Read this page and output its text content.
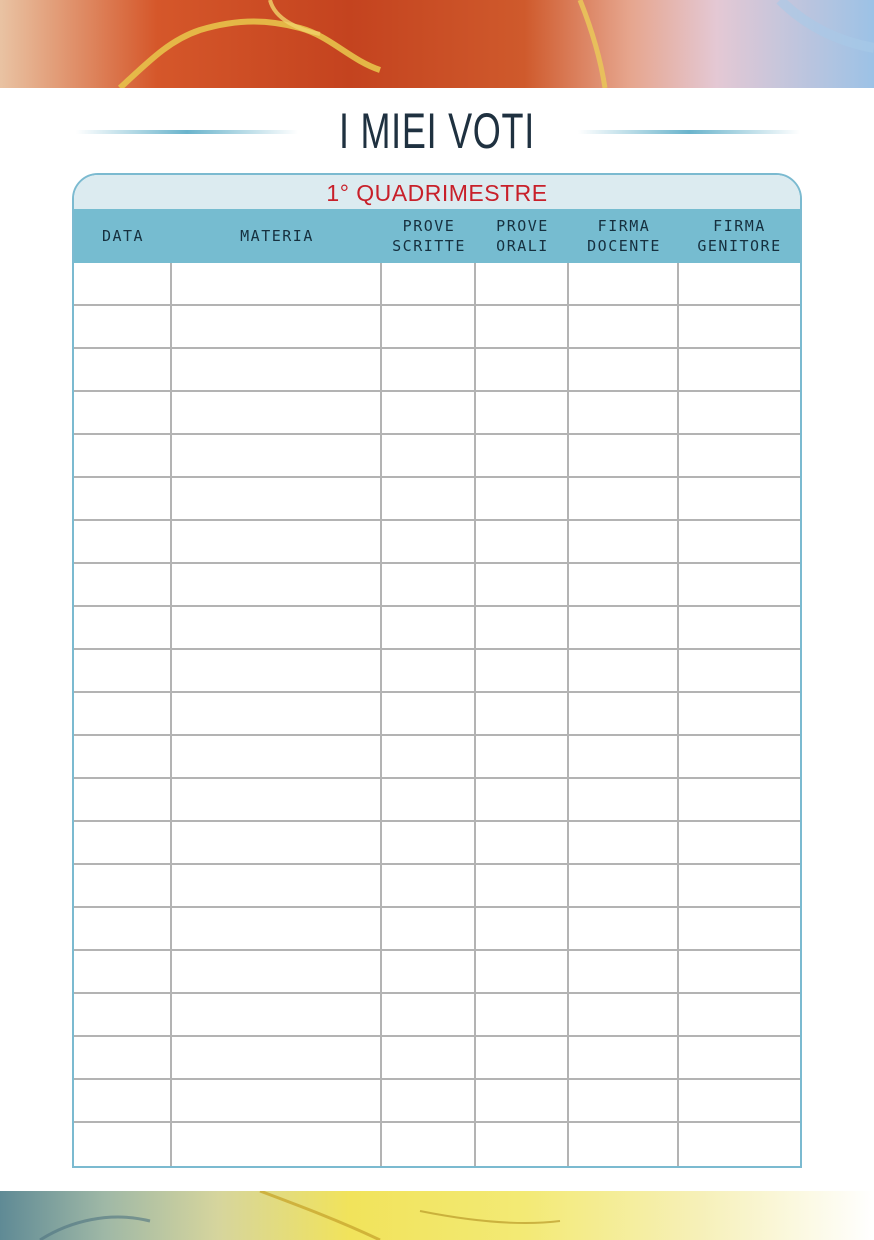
I MIEI VOTI
1° QUADRIMESTRE
DATA	MATERIA
PROVE
SCRITTE
PROVE
ORALI
FIRMA
DOCENTE
FIRMA
GENITORE
